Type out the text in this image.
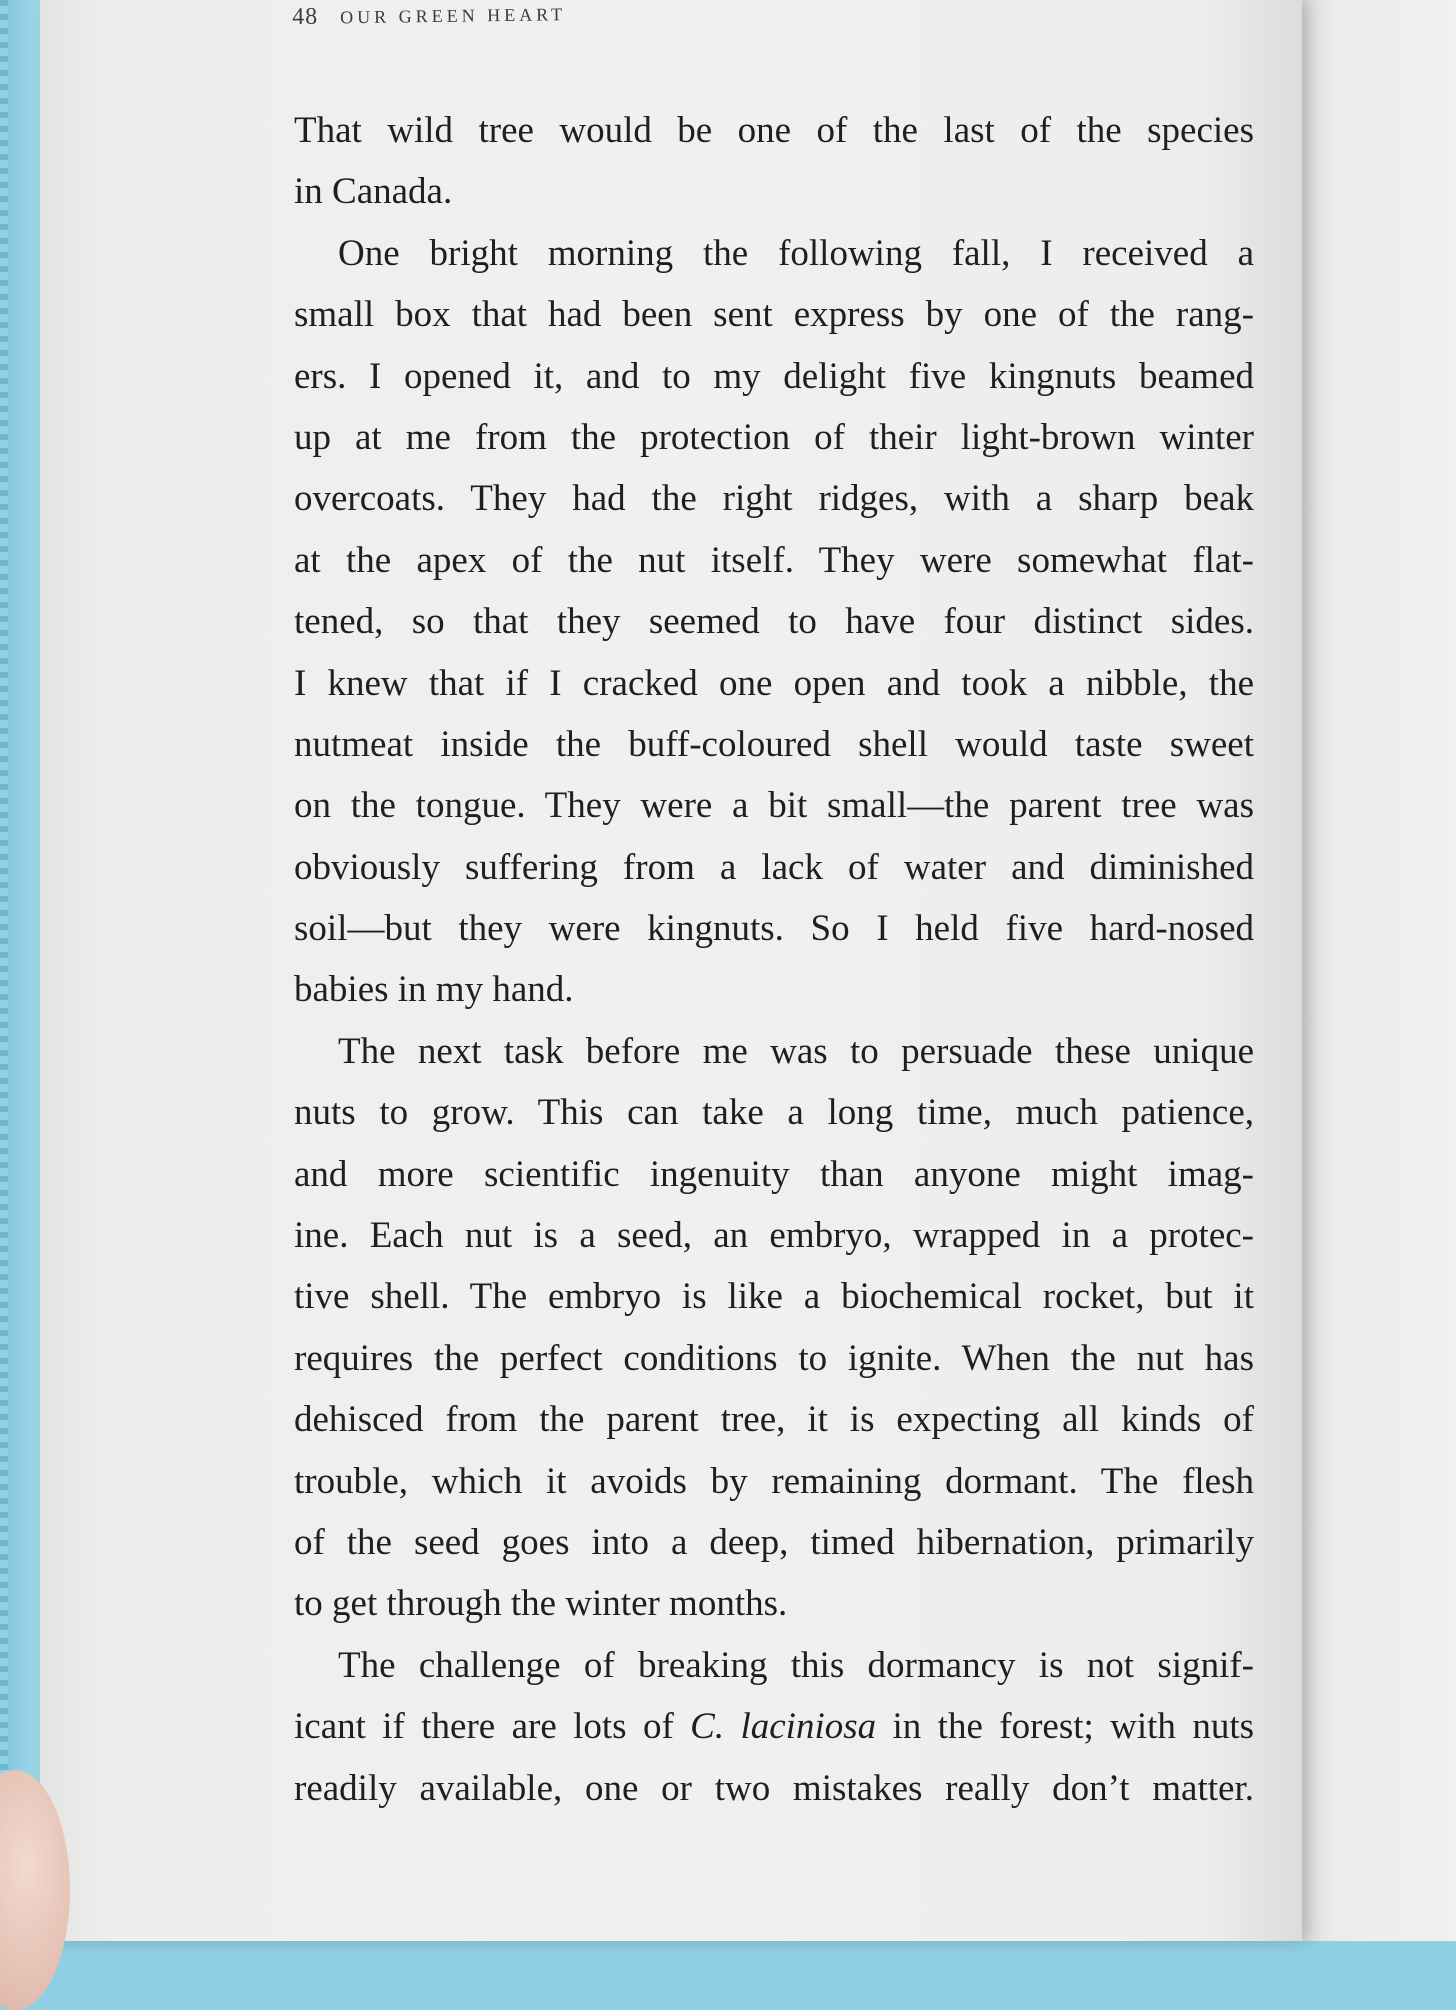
48 OUR GREEN HEART

That wild tree would be one of the last of the species
in Canada.
One bright morning the following fall, I received a
small box that had been sent express by one of the rang-
ers. I opened it, and to my delight five kingnuts beamed
up at me from the protection of their light-brown winter
overcoats. They had the right ridges, with a sharp beak
at the apex of the nut itself. They were somewhat flat-
tened, so that they seemed to have four distinct sides.
I knew that if I cracked one open and took a nibble, the
nutmeat inside the buff-coloured shell would taste sweet
on the tongue. They were a bit small—the parent tree was
obviously suffering from a lack of water and diminished
soil—but they were kingnuts. So I held five hard-nosed
babies in my hand.
The next task before me was to persuade these unique
nuts to grow. This can take a long time, much patience,
and more scientific ingenuity than anyone might imag-
ine. Each nut is a seed, an embryo, wrapped in a protec-
tive shell. The embryo is like a biochemical rocket, but it
requires the perfect conditions to ignite. When the nut has
dehisced from the parent tree, it is expecting all kinds of
trouble, which it avoids by remaining dormant. The flesh
of the seed goes into a deep, timed hibernation, primarily
to get through the winter months.
The challenge of breaking this dormancy is not signif-
icant if there are lots of C. laciniosa in the forest; with nuts
readily available, one or two mistakes really don’t matter.
